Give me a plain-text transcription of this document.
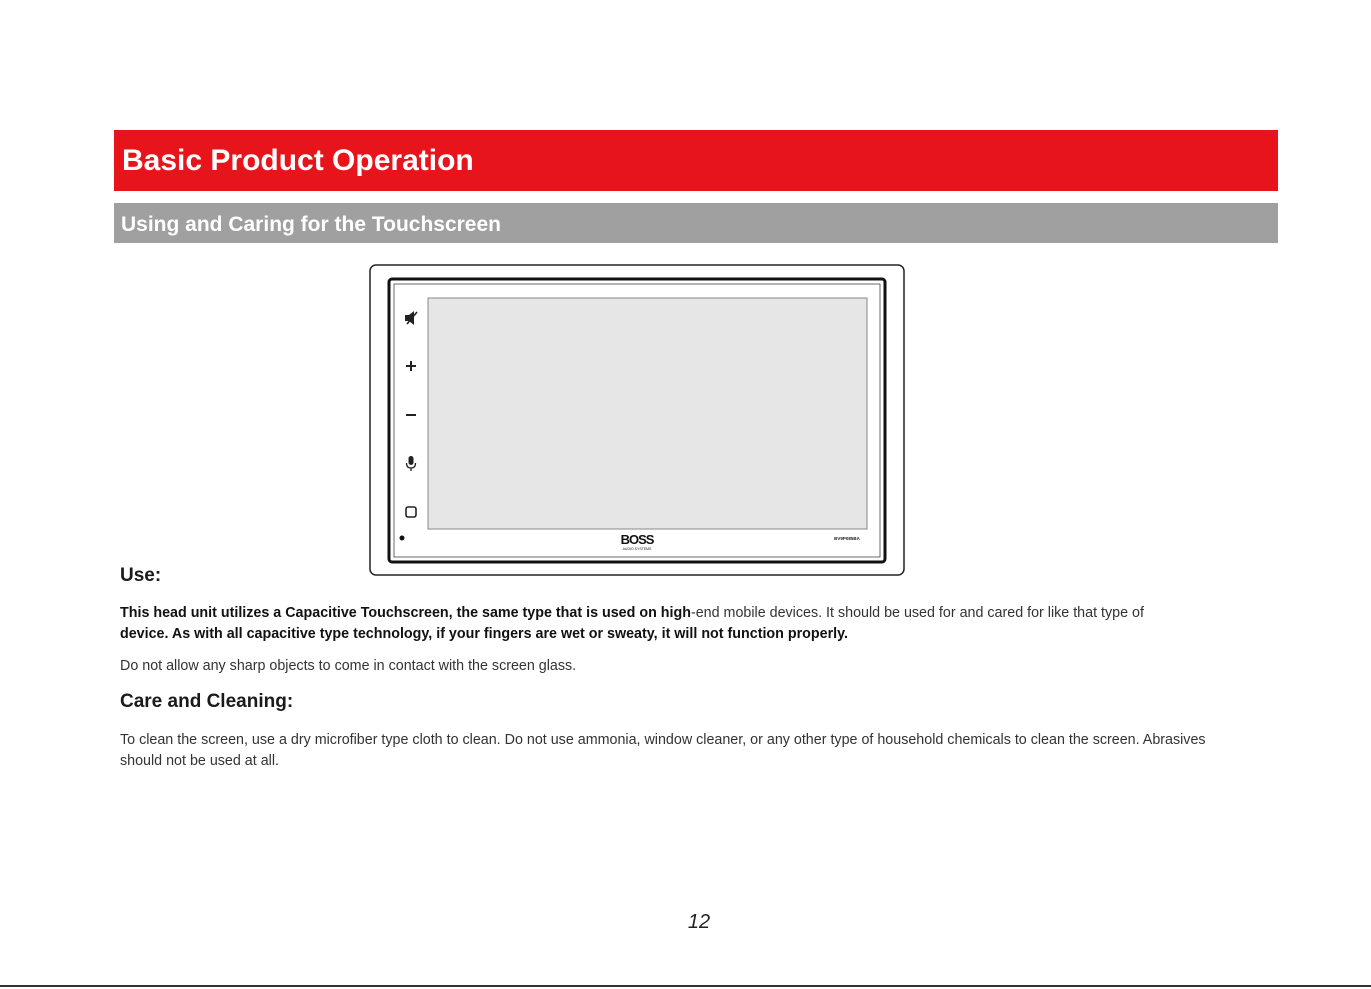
Basic Product Operation
Using and Caring for the Touchscreen
BOSS
AUDIO SYSTEMS
BV9P085BA
Use:

This head unit utilizes a Capacitive Touchscreen, the same type that is used on high-end mobile devices. It should be used for and cared for like that type of
device. As with all capacitive type technology, if your fingers are wet or sweaty, it will not function properly.

Do not allow any sharp objects to come in contact with the screen glass.

Care and Cleaning:

To clean the screen, use a dry microfiber type cloth to clean. Do not use ammonia, window cleaner, or any other type of household chemicals to clean the screen. Abrasives should not be used at all.

12
